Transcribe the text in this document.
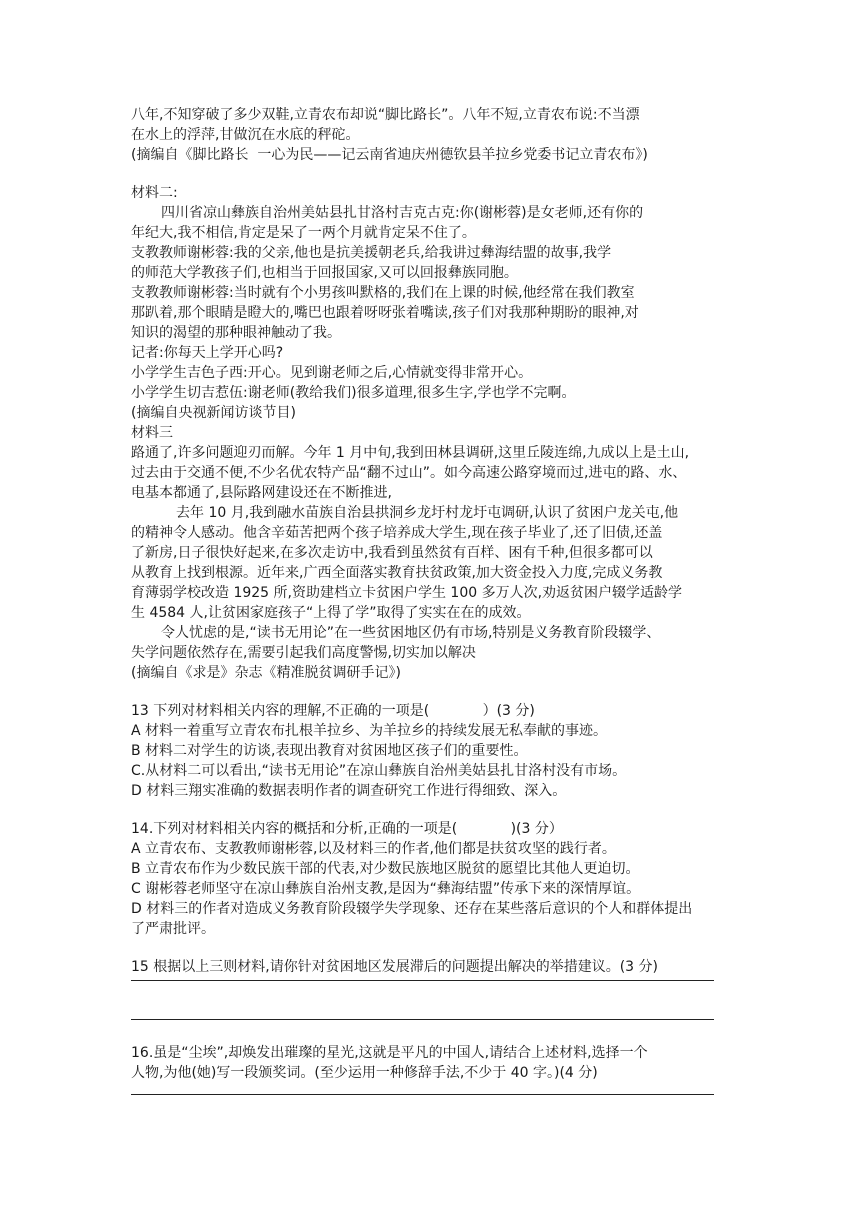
八年,不知穿破了多少双鞋,立青农布却说“脚比路长”。八年不短,立青农布说:不当漂

在水上的浮萍,甘做沉在水底的秤砣。

(摘编自《脚比路长  一心为民——记云南省迪庆州德钦县羊拉乡党委书记立青农布》)

材料二:

四川省凉山彝族自治州美姑县扎甘洛村吉克古克:你(谢彬蓉)是女老师,还有你的

年纪大,我不相信,肯定是呆了一两个月就肯定呆不住了。

支教教师谢彬蓉:我的父亲,他也是抗美援朝老兵,给我讲过彝海结盟的故事,我学

的师范大学教孩子们,也相当于回报国家,又可以回报彝族同胞。

支教教师谢彬蓉:当时就有个小男孩叫默格的,我们在上课的时候,他经常在我们教室

那趴着,那个眼睛是瞪大的,嘴巴也跟着呀呀张着嘴读,孩子们对我那种期盼的眼神,对

知识的渴望的那种眼神触动了我。

记者:你每天上学开心吗?

小学学生吉色子西:开心。见到谢老师之后,心情就变得非常开心。

小学学生切吉惹伍:谢老师(教给我们)很多道理,很多生字,学也学不完啊。

(摘编自央视新闻访谈节目)

材料三

路通了,许多问题迎刃而解。今年 1 月中旬,我到田林县调研,这里丘陵连绵,九成以上是土山,

过去由于交通不便,不少名优农特产品“翻不过山”。如今高速公路穿境而过,进屯的路、水、

电基本都通了,县际路网建设还在不断推进,

去年 10 月,我到融水苗族自治县拱洞乡龙圩村龙圩屯调研,认识了贫困户龙关屯,他

的精神令人感动。他含辛茹苦把两个孩子培养成大学生,现在孩子毕业了,还了旧债,还盖

了新房,日子很快好起来,在多次走访中,我看到虽然贫有百样、困有千种,但很多都可以

从教育上找到根源。近年来,广西全面落实教育扶贫政策,加大资金投入力度,完成义务教

育薄弱学校改造 1925 所,资助建档立卡贫困户学生 100 多万人次,劝返贫困户辍学适龄学

生 4584 人,让贫困家庭孩子“上得了学”取得了实实在在的成效。

令人忧虑的是,“读书无用论”在一些贫困地区仍有市场,特别是义务教育阶段辍学、

失学问题依然存在,需要引起我们高度警惕,切实加以解决

(摘编自《求是》杂志《精准脱贫调研手记》)

13 下列对材料相关内容的理解,不正确的一项是(            ）(3 分)

A 材料一着重写立青农布扎根羊拉乡、为羊拉乡的持续发展无私奉献的事迹。

B 材料二对学生的访谈,表现出教育对贫困地区孩子们的重要性。

C.从材料二可以看出,“读书无用论”在凉山彝族自治州美姑县扎甘洛村没有市场。

D 材料三翔实准确的数据表明作者的调查研究工作进行得细致、深入。

14.下列对材料相关内容的概括和分析,正确的一项是(            )(3 分）

A 立青农布、支教教师谢彬蓉,以及材料三的作者,他们都是扶贫攻坚的践行者。

B 立青农布作为少数民族干部的代表,对少数民族地区脱贫的愿望比其他人更迫切。

C 谢彬蓉老师坚守在凉山彝族自治州支教,是因为“彝海结盟”传承下来的深情厚谊。

D 材料三的作者对造成义务教育阶段辍学失学现象、还存在某些落后意识的个人和群体提出

了严肃批评。

15 根据以上三则材料,请你针对贫困地区发展滞后的问题提出解决的举措建议。(3 分)

16.虽是“尘埃”,却焕发出璀璨的星光,这就是平凡的中国人,请结合上述材料,选择一个

人物,为他(她)写一段颁奖词。(至少运用一种修辞手法,不少于 40 字。)(4 分)
